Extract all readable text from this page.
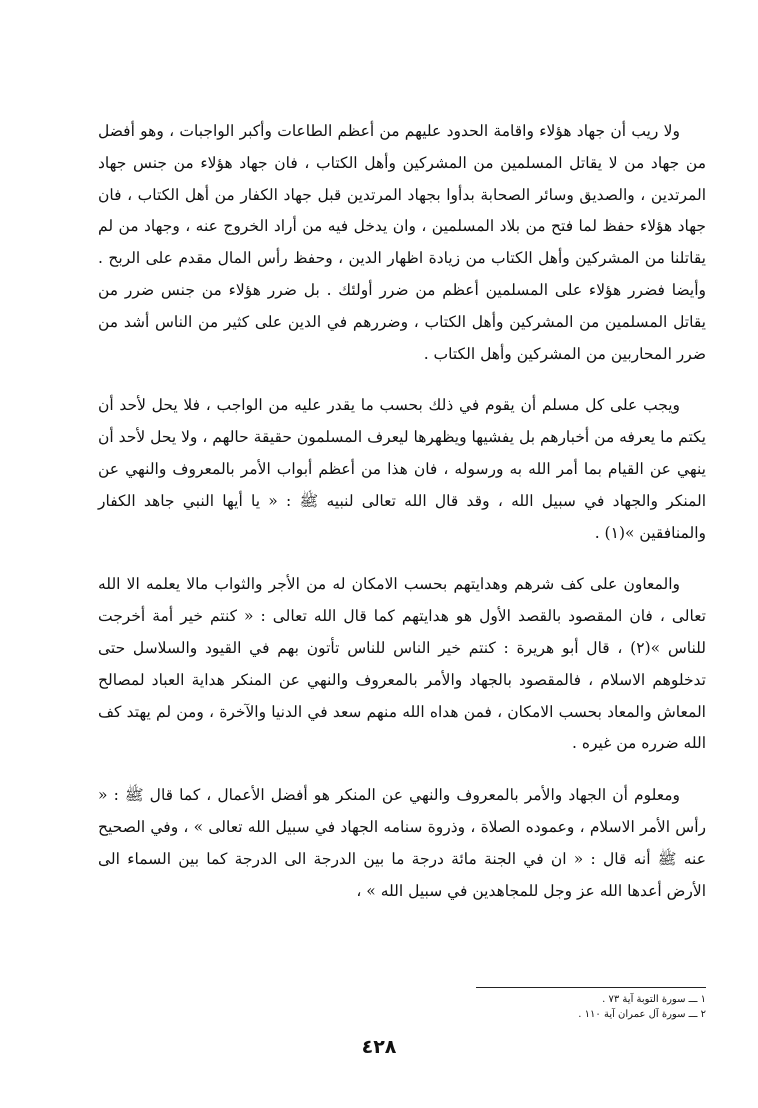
ولا ريب أن جهاد هؤلاء واقامة الحدود عليهم من أعظم الطاعات وأكبر الواجبات ، وهو أفضل من جهاد من لا يقاتل المسلمين من المشركين وأهل الكتاب ، فان جهاد هؤلاء من جنس جهاد المرتدين ، والصديق وسائر الصحابة بدأوا بجهاد المرتدين قبل جهاد الكفار من أهل الكتاب ، فان جهاد هؤلاء حفظ لما فتح من بلاد المسلمين ، وان يدخل فيه من أراد الخروج عنه ، وجهاد من لم يقاتلنا من المشركين وأهل الكتاب من زيادة اظهار الدين ، وحفظ رأس المال مقدم على الربح . وأيضا فضرر هؤلاء على المسلمين أعظم من ضرر أولئك . بل ضرر هؤلاء من جنس ضرر من يقاتل المسلمين من المشركين وأهل الكتاب ، وضررهم في الدين على كثير من الناس أشد من ضرر المحاربين من المشركين وأهل الكتاب .

ويجب على كل مسلم أن يقوم في ذلك بحسب ما يقدر عليه من الواجب ، فلا يحل لأحد أن يكتم ما يعرفه من أخبارهم بل يفشيها ويظهرها ليعرف المسلمون حقيقة حالهم ، ولا يحل لأحد أن ينهي عن القيام بما أمر الله به ورسوله ، فان هذا من أعظم أبواب الأمر بالمعروف والنهي عن المنكر والجهاد في سبيل الله ، وقد قال الله تعالى لنبيه ﷺ : « يا أيها النبي جاهد الكفار والمنافقين »(١) .

والمعاون على كف شرهم وهدايتهم بحسب الامكان له من الأجر والثواب مالا يعلمه الا الله تعالى ، فان المقصود بالقصد الأول هو هدايتهم كما قال الله تعالى : « كنتم خير أمة أخرجت للناس »(٢) ، قال أبو هريرة : كنتم خير الناس للناس تأتون بهم في القيود والسلاسل حتى تدخلوهم الاسلام ، فالمقصود بالجهاد والأمر بالمعروف والنهي عن المنكر هداية العباد لمصالح المعاش والمعاد بحسب الامكان ، فمن هداه الله منهم سعد في الدنيا والآخرة ، ومن لم يهتد كف الله ضرره من غيره .

ومعلوم أن الجهاد والأمر بالمعروف والنهي عن المنكر هو أفضل الأعمال ، كما قال ﷺ : « رأس الأمر الاسلام ، وعموده الصلاة ، وذروة سنامه الجهاد في سبيل الله تعالى » ، وفي الصحيح عنه ﷺ أنه قال : « ان في الجنة مائة درجة ما بين الدرجة الى الدرجة كما بين السماء الى الأرض أعدها الله عز وجل للمجاهدين في سبيل الله » ،

١ ـــ سورة التوبة آية ٧٣ .

٢ ـــ سورة آل عمران آية ١١٠ .

٤٢٨
